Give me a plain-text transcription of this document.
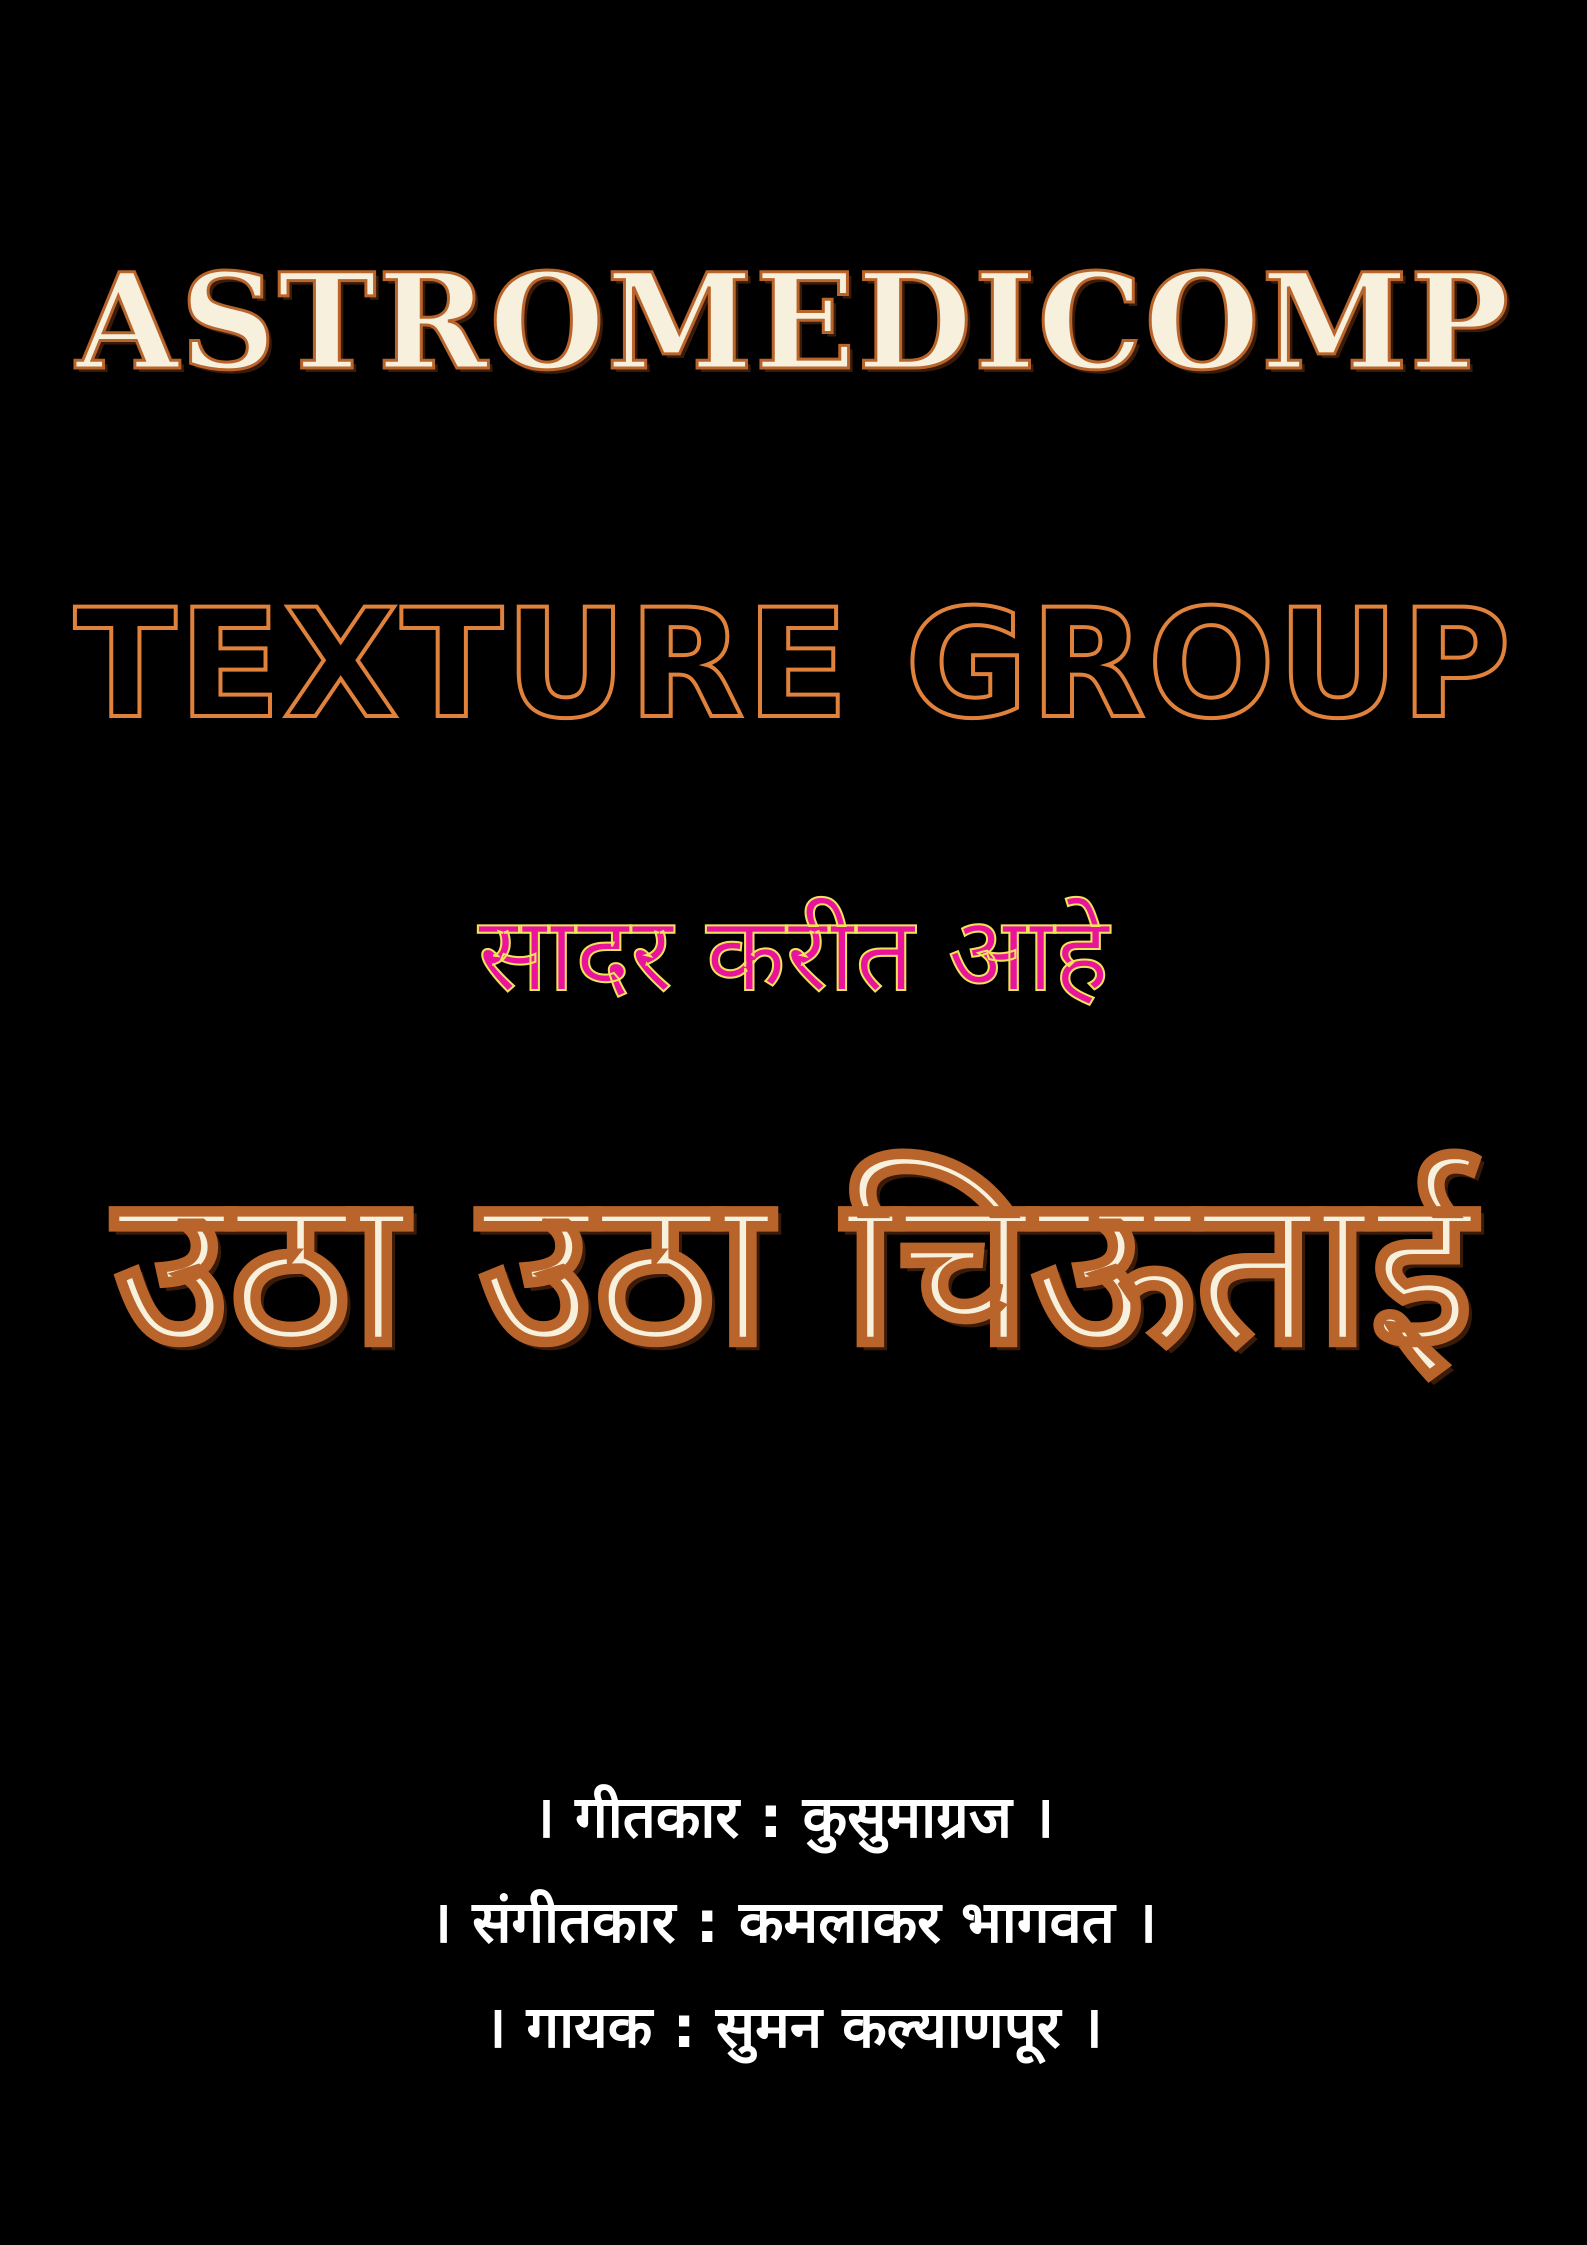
ASTROMEDICOMP
TEXTURE GROUP
सादर करीत आहे
उठा उठा चिऊताई
। गीतकार : कुसुमाग्रज ।
। संगीतकार : कमलाकर भागवत ।
। गायक : सुमन कल्याणपूर ।
